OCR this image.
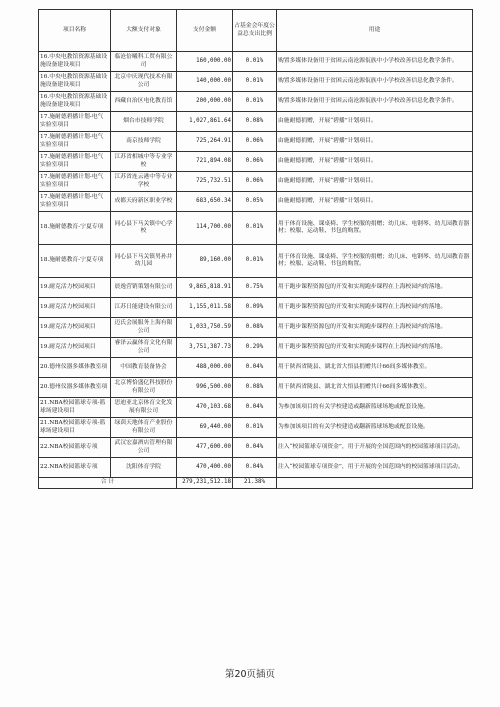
项目名称	大额支付对象	支付金额	占基金会年度公益总支出比例	用途
16.中央电教馆资源基础设施设备建设项目	临沧倍曦科工贸有限公司	160,000.00	0.01%	购置多媒体设备用于贫困云南沧源佤族中小学校改善信息化教学条件。
16.中央电教馆资源基础设施设备建设项目	北京中庆现代技术有限公司	140,000.00	0.01%	购置多媒体设备用于贫困云南沧源佤族中小学校改善信息化教学条件。
16.中央电教馆资源基础设施设备建设项目	西藏自治区电化教育馆	200,000.00	0.01%	购置多媒体设备用于贫困云南沧源佤族中小学校改善信息化教学条件。
17.施耐德碧播计划-电气实验室项目	烟台市技师学院	1,027,861.64	0.08%	由施耐德捐赠，开展“碧播”计划项目。
17.施耐德碧播计划-电气实验室项目	南京技师学院	725,264.91	0.06%	由施耐德捐赠，开展“碧播”计划项目。
17.施耐德碧播计划-电气实验室项目	江苏省相城中等专业学校	721,894.08	0.06%	由施耐德捐赠，开展“碧播”计划项目。
17.施耐德碧播计划-电气实验室项目	江苏省连云港中等专业学校	725,732.51	0.06%	由施耐德捐赠，开展“碧播”计划项目。
17.施耐德碧播计划-电气实验室项目	成都天府新区职业学校	683,650.34	0.05%	由施耐德捐赠，开展“碧播”计划项目。
18.施耐德教育-宁夏专项	同心县下马关镇中心学校	114,700.00	0.01%	用于体育设施、课桌椅、学生校服的捐赠；幼儿床、电钢琴、幼儿园教育器材；校服、运动鞋、书包的购置。
18.施耐德教育-宁夏专项	同心县下马关镇男孙井幼儿园	89,160.00	0.01%	用于体育设施、课桌椅、学生校服的捐赠；幼儿床、电钢琴、幼儿园教育器材；校服、运动鞋、书包的购置。
19.耐克活力校园项目	晨逸营销策划有限公司	9,865,818.91	0.75%	用于跑步课程资源包的开发和实现跑步课程在上海校园内的落地。
19.耐克活力校园项目	江苏日能建设有限公司	1,155,011.58	0.09%	用于跑步课程资源包的开发和实现跑步课程在上海校园内的落地。
19.耐克活力校园项目	迈氏会展服务上海有限公司	1,033,750.59	0.08%	用于跑步课程资源包的开发和实现跑步课程在上海校园内的落地。
19.耐克活力校园项目	睿泽云赢体育文化有限公司	3,751,387.73	0.29%	用于跑步课程资源包的开发和实现跑步课程在上海校园内的落地。
20.德州仪器多媒体教室项	中国教育装备协会	488,000.00	0.04%	用于陕西省陇县、湖北省大悟县捐赠共计66间多媒体教室。
20.德州仪器多媒体教室项	北京博恰盛亿科技股份有限公司	996,500.00	0.08%	用于陕西省陇县、湖北省大悟县捐赠共计66间多媒体教室。
21.NBA校园篮球专项-篮球场建设项目	思迪亚北京体育文化发展有限公司	470,103.68	0.04%	为参加该项目的有关学校建造或翻新篮球场地或配套设施。
21.NBA校园篮球专项-篮球场建设项目	绿茵天地体育产业股份有限公司	69,440.00	0.01%	为参加该项目的有关学校建造或翻新篮球场地或配套设施。
22.NBA校园篮球专项	武汉宏嘉酒店管理有限公司	477,600.00	0.04%	注入“校园篮球专项资金”，用于开展的全国范围内的校园篮球项目活动。
22.NBA校园篮球专项	沈阳体育学院	470,400.00	0.04%	注入“校园篮球专项资金”，用于开展的全国范围内的校园篮球项目活动。
合 计		279,231,512.18	21.38%	
第20页插页
